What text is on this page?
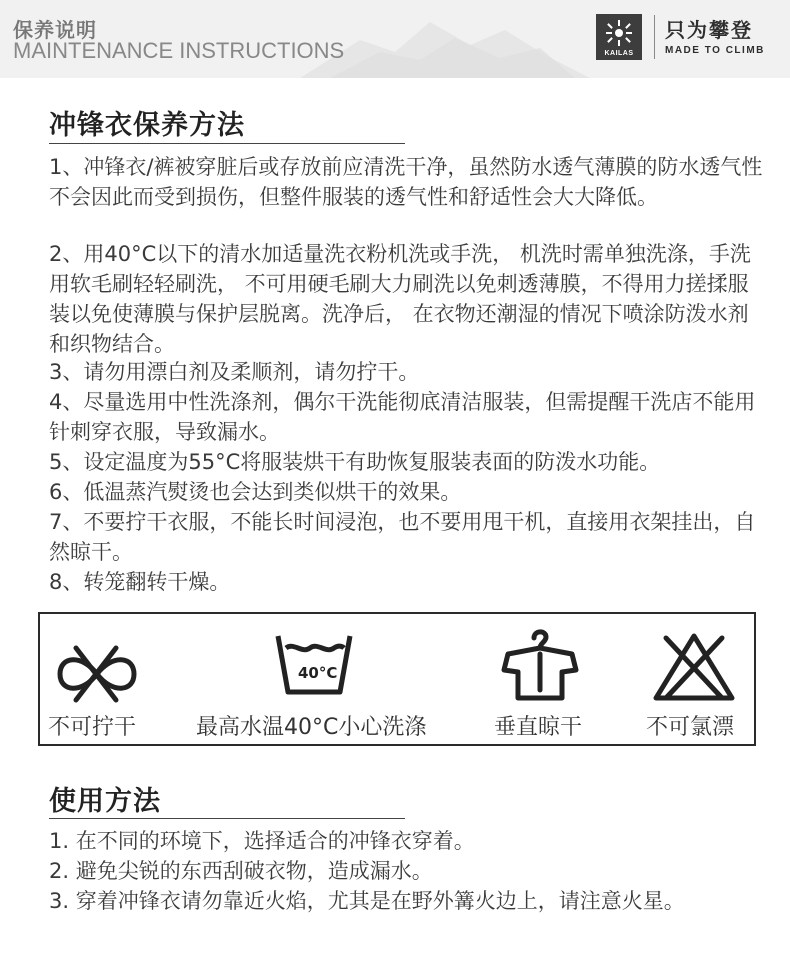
保养说明
MAINTENANCE INSTRUCTIONS	KAILAS
只为攀登
MADE TO CLIMB
冲锋衣保养方法
1、冲锋衣/裤被穿脏后或存放前应清洗干净，虽然防水透气薄膜的防水透气性不会因此而受到损伤，但整件服装的透气性和舒适性会大大降低。
2、用40°C以下的清水加适量洗衣粉机洗或手洗， 机洗时需单独洗涤，手洗用软毛刷轻轻刷洗， 不可用硬毛刷大力刷洗以免刺透薄膜，不得用力搓揉服装以免使薄膜与保护层脱离。洗净后， 在衣物还潮湿的情况下喷涂防泼水剂和织物结合。
3、请勿用漂白剂及柔顺剂，请勿拧干。
4、尽量选用中性洗涤剂，偶尔干洗能彻底清洁服装，但需提醒干洗店不能用针刺穿衣服，导致漏水。
5、设定温度为55°C将服装烘干有助恢复服装表面的防泼水功能。
6、低温蒸汽熨烫也会达到类似烘干的效果。
7、不要拧干衣服，不能长时间浸泡，也不要用甩干机，直接用衣架挂出，自然晾干。
8、转笼翻转干燥。
不可拧干
40°C
最高水温40°C小心洗涤	垂直晾干	不可氯漂
使用方法
1. 在不同的环境下，选择适合的冲锋衣穿着。
2. 避免尖锐的东西刮破衣物，造成漏水。
3. 穿着冲锋衣请勿靠近火焰，尤其是在野外篝火边上，请注意火星。
